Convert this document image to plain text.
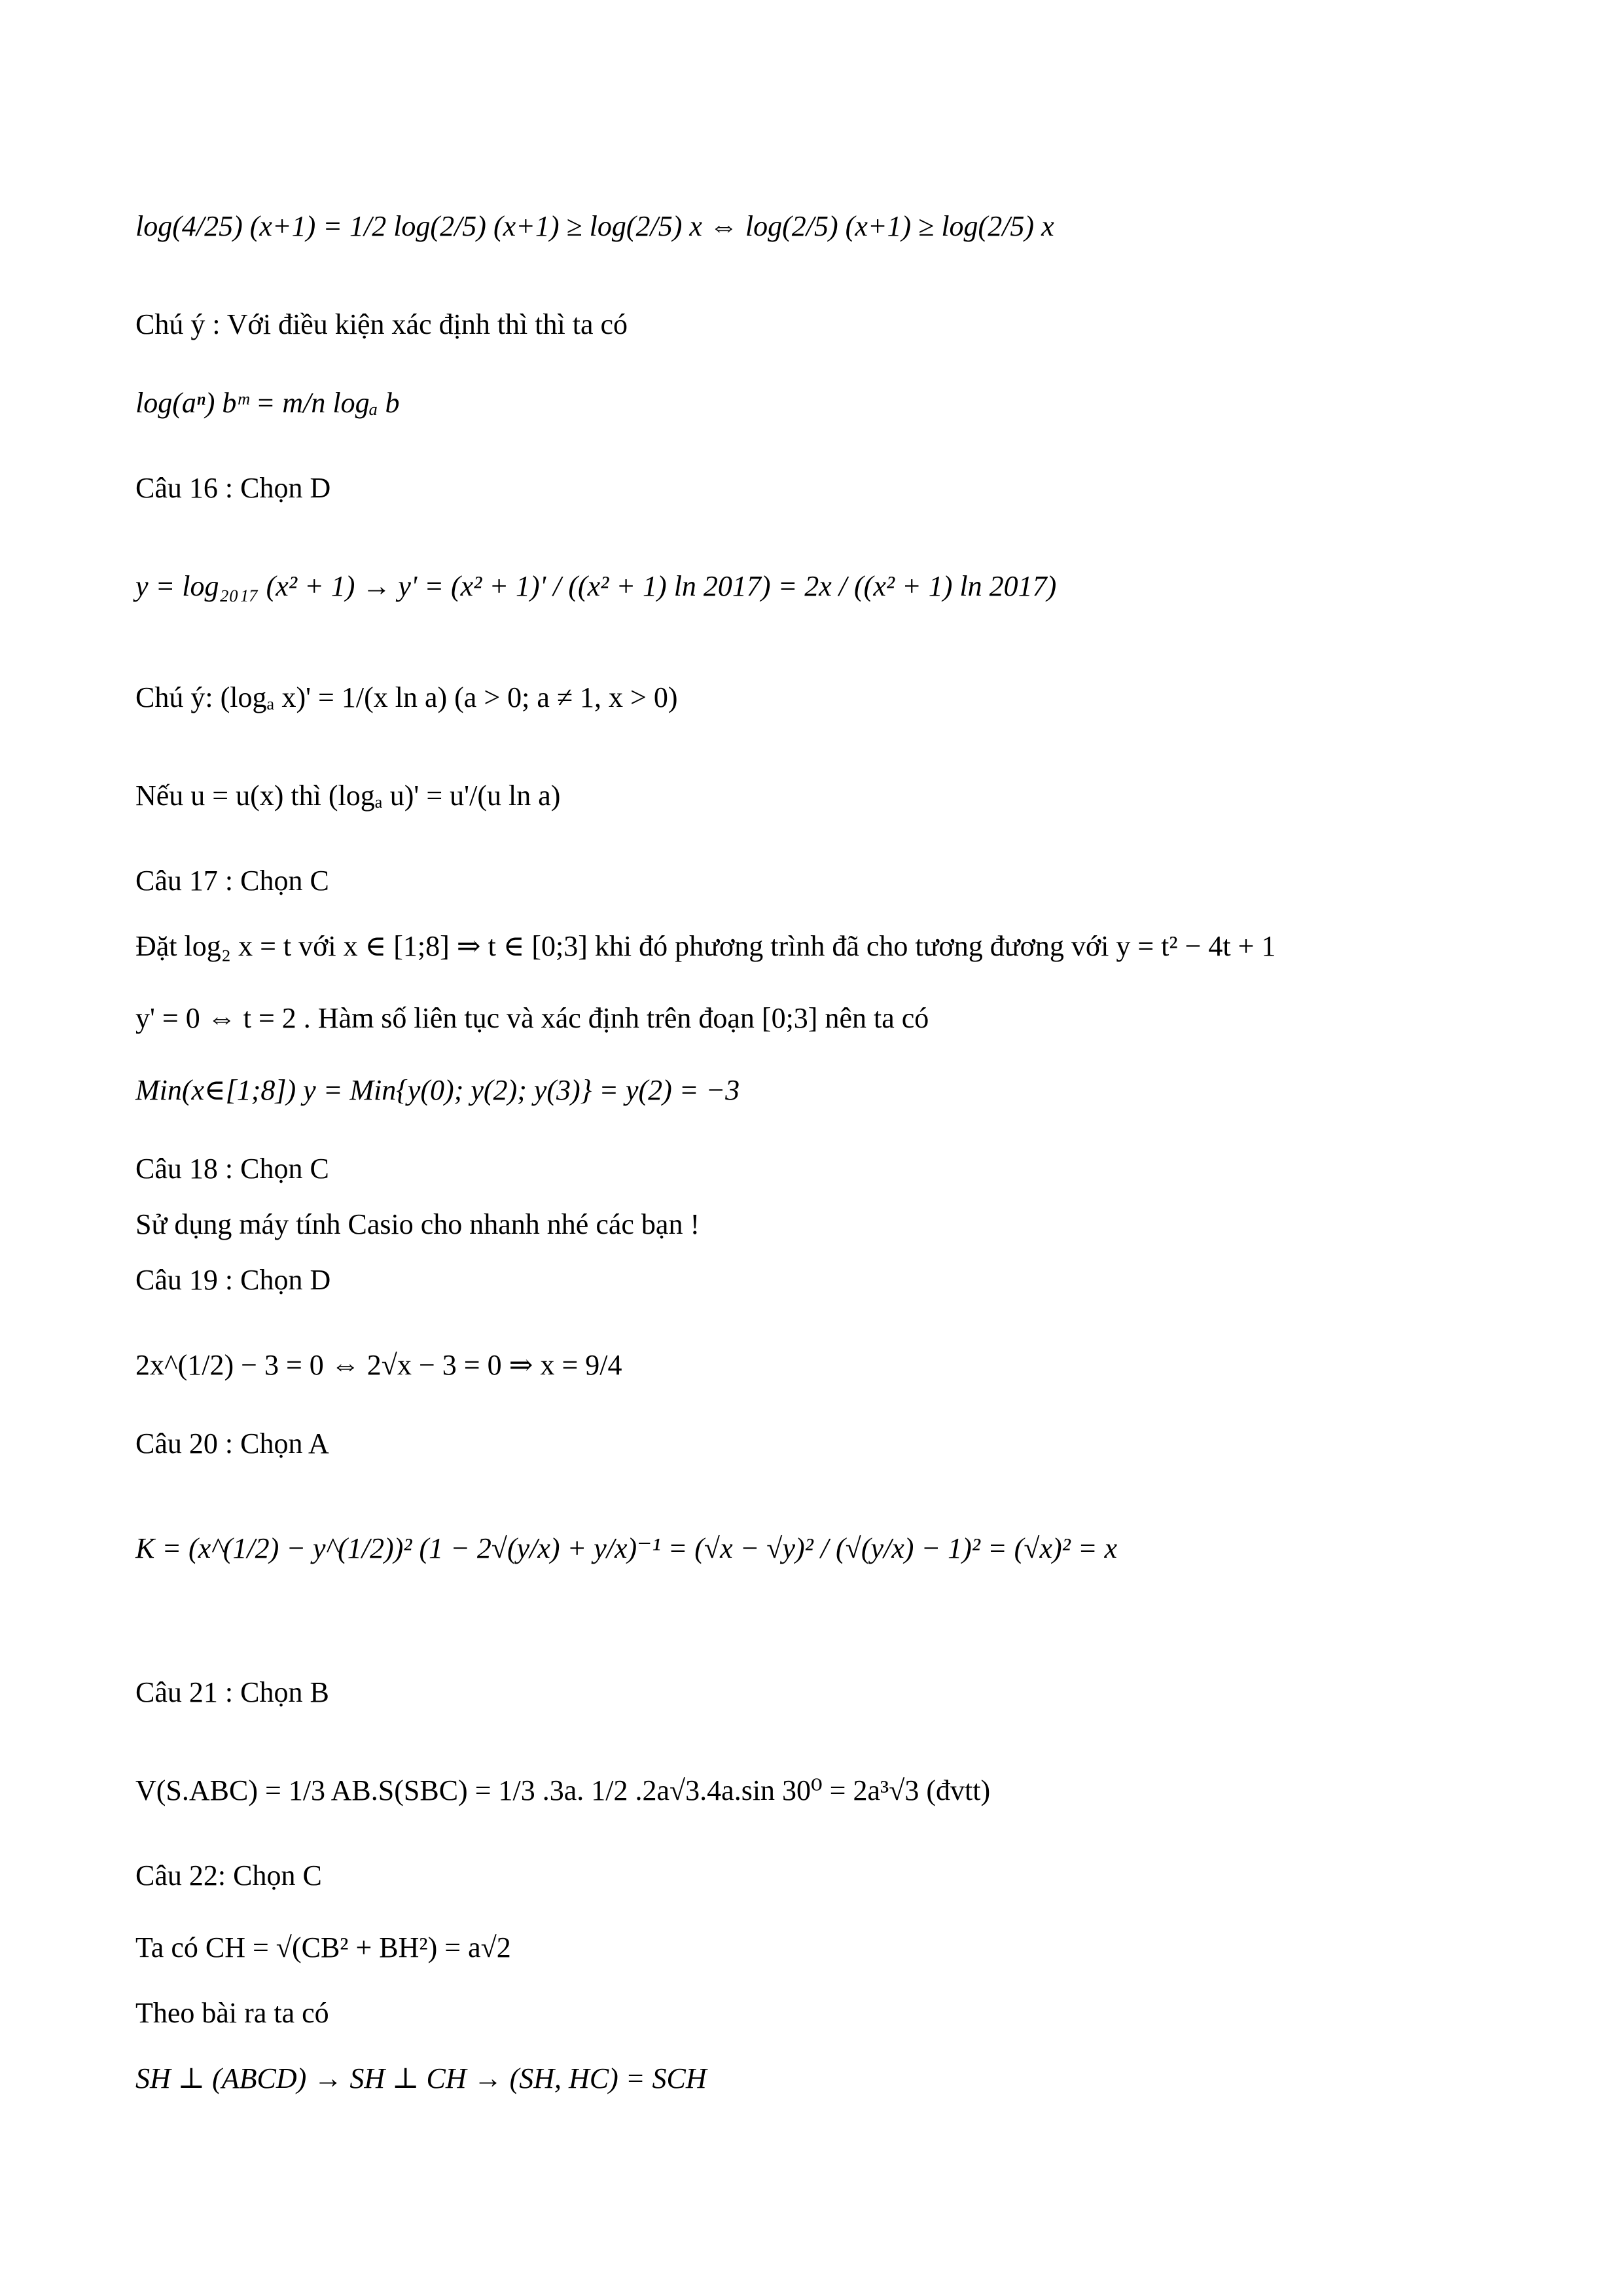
log(4/25) (x+1) = 1/2 log(2/5) (x+1) ≥ log(2/5) x ⇔ log(2/5) (x+1) ≥ log(2/5) x
Chú ý : Với điều kiện xác định thì thì ta có
log(aⁿ) bᵐ = m/n logₐ b
Câu 16 : Chọn D
y = log₂₀₁₇ (x² + 1) → y' = (x² + 1)' / ((x² + 1) ln 2017) = 2x / ((x² + 1) ln 2017)
Chú ý: (logₐ x)' = 1/(x ln a) (a > 0; a ≠ 1, x > 0)
Nếu u = u(x) thì (logₐ u)' = u'/(u ln a)
Câu 17 : Chọn C
Đặt log₂ x = t với x ∈ [1;8] ⇒ t ∈ [0;3] khi đó phương trình đã cho tương đương với y = t² − 4t + 1
y' = 0 ⇔ t = 2 . Hàm số liên tục và xác định trên đoạn [0;3] nên ta có
Min(x∈[1;8]) y = Min{y(0); y(2); y(3)} = y(2) = −3
Câu 18 : Chọn C
Sử dụng máy tính Casio cho nhanh nhé các bạn !
Câu 19 : Chọn D
2x^(1/2) − 3 = 0 ⇔ 2√x − 3 = 0 ⇒ x = 9/4
Câu 20 : Chọn A
K = (x^(1/2) − y^(1/2))² (1 − 2√(y/x) + y/x)⁻¹ = (√x − √y)² / (√(y/x) − 1)² = (√x)² = x
Câu 21 : Chọn B
V(S.ABC) = 1/3 AB.S(SBC) = 1/3 .3a. 1/2 .2a√3.4a.sin 30⁰ = 2a³√3 (đvtt)
Câu 22: Chọn C
Ta có CH = √(CB² + BH²) = a√2
Theo bài ra ta có
SH ⊥ (ABCD) → SH ⊥ CH → (SH, HC) = SCH
